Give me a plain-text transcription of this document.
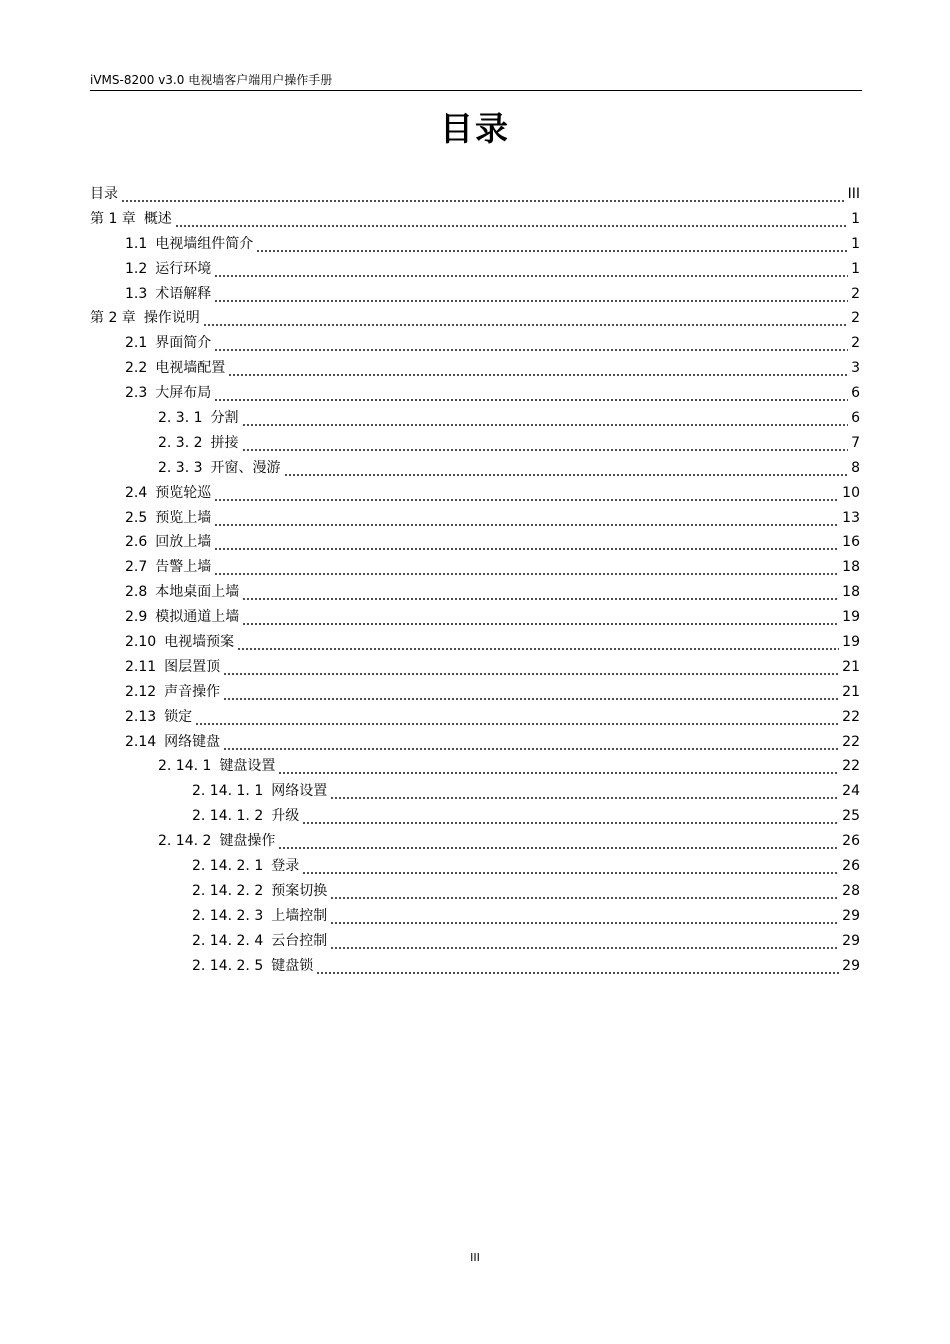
iVMS-8200 v3.0 电视墙客户端用户操作手册
目录
目录	III
第 1 章 概述	1
1.1 电视墙组件简介	1
1.2 运行环境	1
1.3 术语解释	2
第 2 章 操作说明	2
2.1 界面简介	2
2.2 电视墙配置	3
2.3 大屏布局	6
2. 3. 1 分割	6
2. 3. 2 拼接	7
2. 3. 3 开窗、漫游	8
2.4 预览轮巡	10
2.5 预览上墙	13
2.6 回放上墙	16
2.7 告警上墙	18
2.8 本地桌面上墙	18
2.9 模拟通道上墙	19
2.10 电视墙预案	19
2.11 图层置顶	21
2.12 声音操作	21
2.13 锁定	22
2.14 网络键盘	22
2. 14. 1 键盘设置	22
2. 14. 1. 1 网络设置	24
2. 14. 1. 2 升级	25
2. 14. 2 键盘操作	26
2. 14. 2. 1 登录	26
2. 14. 2. 2 预案切换	28
2. 14. 2. 3 上墙控制	29
2. 14. 2. 4 云台控制	29
2. 14. 2. 5 键盘锁	29
III
